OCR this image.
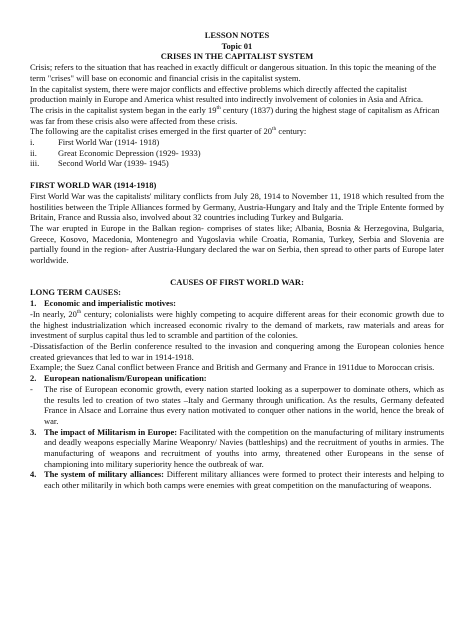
LESSON NOTES
Topic 01
CRISES IN THE CAPITALIST SYSTEM

Crisis; refers to the situation that has reached in exactly difficult or dangerous situation. In this topic the meaning of the term "crises" will base on economic and financial crisis in the capitalist system.

In the capitalist system, there were major conflicts and effective problems which directly affected the capitalist production mainly in Europe and America whist resulted into indirectly involvement of colonies in Asia and Africa.

The crisis in the capitalist system began in the early 19th century (1837) during the highest stage of capitalism as African was far from these crisis also were affected from these crisis.

The following are the capitalist crises emerged in the first quarter of 20th century:

i.	First World War (1914- 1918)
ii.	Great Economic Depression (1929- 1933)
iii.	Second World War (1939- 1945)
FIRST WORLD WAR (1914-1918)

First World War was the capitalists' military conflicts from July 28, 1914 to November 11, 1918 which resulted from the hostilities between the Triple Alliances formed by Germany, Austria-Hungary and Italy and the Triple Entente formed by Britain, France and Russia also, involved about 32 countries including Turkey and Bulgaria.

The war erupted in Europe in the Balkan region- comprises of states like; Albania, Bosnia & Herzegovina, Bulgaria, Greece, Kosovo, Macedonia, Montenegro and Yugoslavia while Croatia, Romania, Turkey, Serbia and Slovenia are partially found in the region- after Austria-Hungary declared the war on Serbia, then spread to other parts of Europe later worldwide.

CAUSES OF FIRST WORLD WAR:
LONG TERM CAUSES:
1. Economic and imperialistic motives:

-In nearly, 20th century; colonialists were highly competing to acquire different areas for their economic growth due to the highest industrialization which increased economic rivalry to the demand of markets, raw materials and areas for investment of surplus capital thus led to scramble and partition of the colonies.

-Dissatisfaction of the Berlin conference resulted to the invasion and conquering among the European colonies hence created grievances that led to war in 1914-1918.

Example; the Suez Canal conflict between France and British and Germany and France in 1911due to Moroccan crisis.

2. European nationalism/European unification:
-	The rise of European economic growth, every nation started looking as a superpower to dominate others, which as the results led to creation of two states –Italy and Germany through unification. As the results, Germany defeated France in Alsace and Lorraine thus every nation motivated to conquer other nations in the world, hence the break of war.
3. The impact of Militarism in Europe: Facilitated with the competition on the manufacturing of military instruments and deadly weapons especially Marine Weaponry/ Navies (battleships) and the recruitment of youths in armies. The manufacturing of weapons and recruitment of youths into army, threatened other Europeans in the sense of championing into military superiority hence the outbreak of war.
4. The system of military alliances: Different military alliances were formed to protect their interests and helping to each other militarily in which both camps were enemies with great competition on the manufacturing of weapons.
